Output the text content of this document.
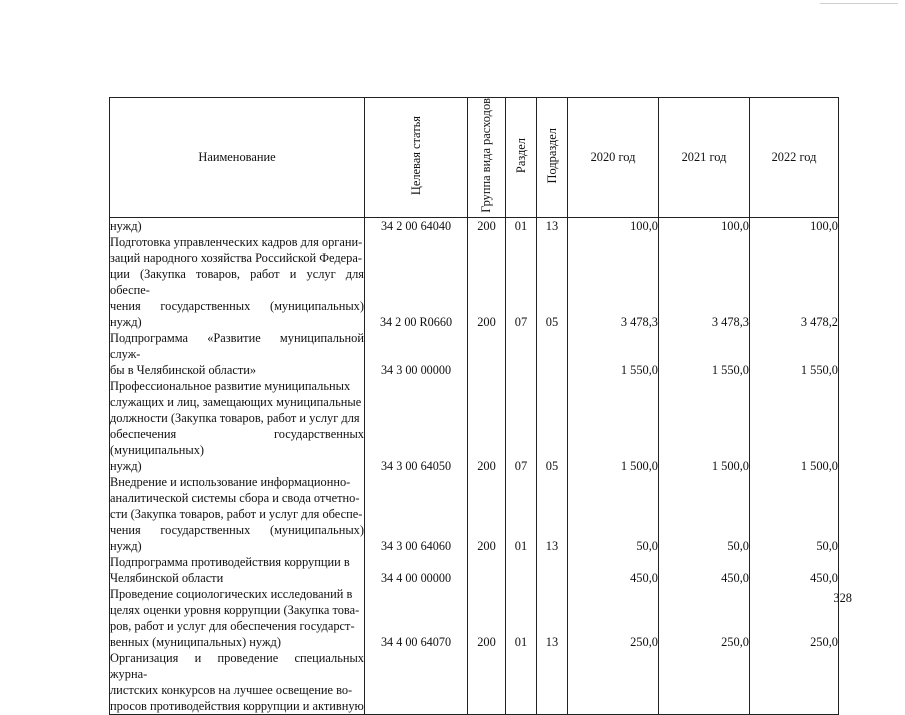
Наименование	Целевая статья	Группа вида расходов	Раздел	Подраздел	2020 год	2021 год	2022 год

нужд)	34 2 00 64040	200	01	13	100,0	100,0	100,0

Подготовка управленческих кадров для органи-
заций народного хозяйства Российской Федера-
ции (Закупка товаров, работ и услуг для обеспе-
чения государственных (муниципальных) нужд)	34 2 00 R0660	200	07	05	3 478,3	3 478,3	3 478,2

Подпрограмма «Развитие муниципальной служ-
бы в Челябинской области»	34 3 00 00000				1 550,0	1 550,0	1 550,0

Профессиональное развитие муниципальных
служащих и лиц, замещающих муниципальные
должности (Закупка товаров, работ и услуг для
обеспечения государственных (муниципальных)
нужд)	34 3 00 64050	200	07	05	1 500,0	1 500,0	1 500,0

Внедрение и использование информационно-
аналитической системы сбора и свода отчетно-
сти (Закупка товаров, работ и услуг для обеспе-
чения государственных (муниципальных) нужд)	34 3 00 64060	200	01	13	50,0	50,0	50,0

Подпрограмма противодействия коррупции в
Челябинской области	34 4 00 00000				450,0	450,0	450,0

Проведение социологических исследований в
целях оценки уровня коррупции (Закупка това-
ров, работ и услуг для обеспечения государст-
венных (муниципальных) нужд)	34 4 00 64070	200	01	13	250,0	250,0	250,0

Организация и проведение специальных журна-
листских конкурсов на лучшее освещение во-
просов противодействия коррупции и активную							

328
